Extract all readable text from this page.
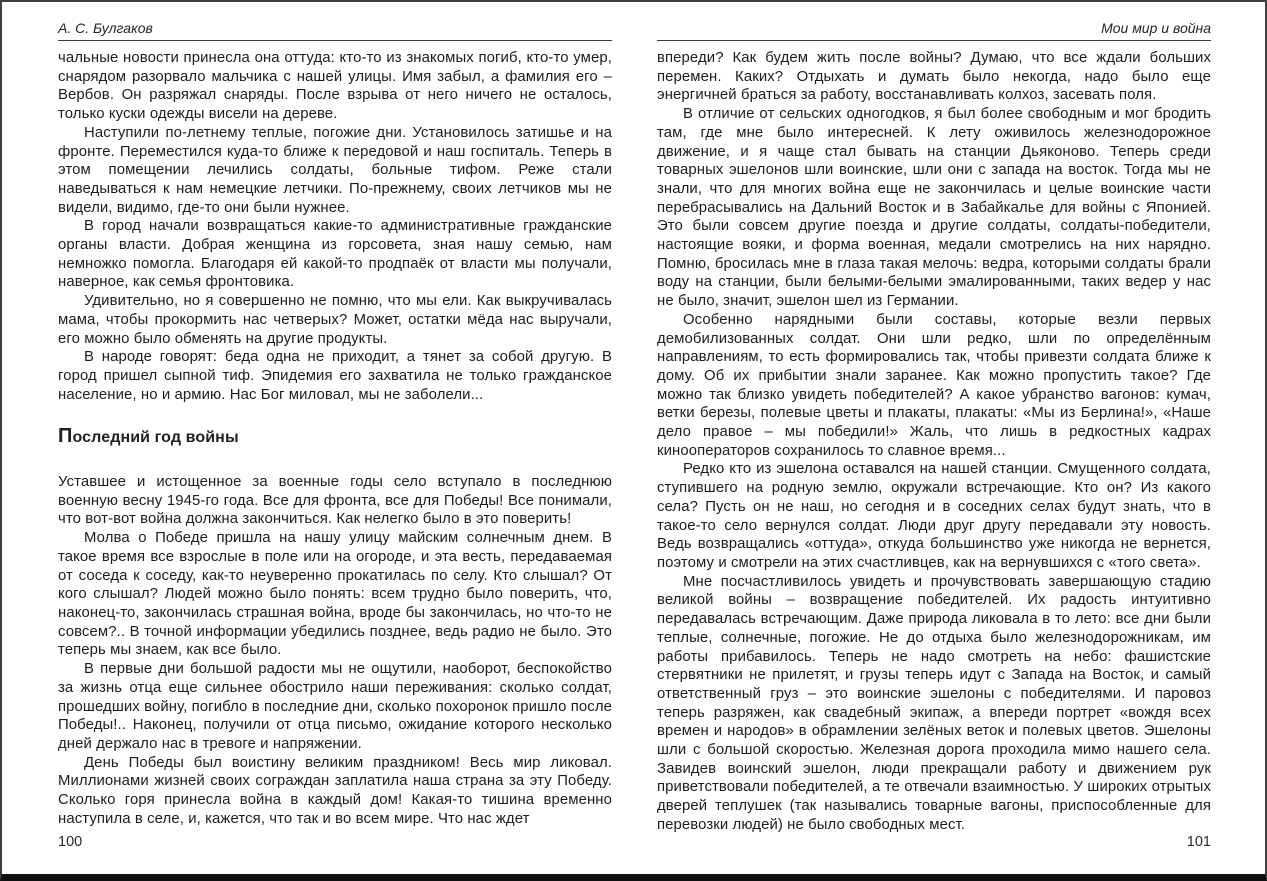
А. С. Булгаков

чальные новости принесла она оттуда: кто-то из знакомых погиб, кто-то умер, снарядом разорвало мальчика с нашей улицы. Имя забыл, а фамилия его – Вербов. Он разряжал снаряды. После взрыва от него ничего не осталось, только куски одежды висели на дереве.

Наступили по-летнему теплые, погожие дни. Установилось затишье и на фронте. Переместился куда-то ближе к передовой и наш госпиталь. Теперь в этом помещении лечились солдаты, больные тифом. Реже стали наведываться к нам немецкие летчики. По-прежнему, своих летчиков мы не видели, видимо, где-то они были нужнее.

В город начали возвращаться какие-то административные гражданские органы власти. Добрая женщина из горсовета, зная нашу семью, нам немножко помогла. Благодаря ей какой-то продпаёк от власти мы получали, наверное, как семья фронтовика.

Удивительно, но я совершенно не помню, что мы ели. Как выкручивалась мама, чтобы прокормить нас четверых? Может, остатки мёда нас выручали, его можно было обменять на другие продукты.

В народе говорят: беда одна не приходит, а тянет за собой другую. В город пришел сыпной тиф. Эпидемия его захватила не только гражданское население, но и армию. Нас Бог миловал, мы не заболели...

Последний год войны

Уставшее и истощенное за военные годы село вступало в последнюю военную весну 1945-го года. Все для фронта, все для Победы! Все понимали, что вот-вот война должна закончиться. Как нелегко было в это поверить!

Молва о Победе пришла на нашу улицу майским солнечным днем. В такое время все взрослые в поле или на огороде, и эта весть, передаваемая от соседа к соседу, как-то неуверенно прокатилась по селу. Кто слышал? От кого слышал? Людей можно было понять: всем трудно было поверить, что, наконец-то, закончилась страшная война, вроде бы закончилась, но что-то не совсем?.. В точной информации убедились позднее, ведь радио не было. Это теперь мы знаем, как все было.

В первые дни большой радости мы не ощутили, наоборот, беспокойство за жизнь отца еще сильнее обострило наши переживания: сколько солдат, прошедших войну, погибло в последние дни, сколько похоронок пришло после Победы!.. Наконец, получили от отца письмо, ожидание которого несколько дней держало нас в тревоге и напряжении.

День Победы был воистину великим праздником! Весь мир ликовал. Миллионами жизней своих сограждан заплатила наша страна за эту Победу. Сколько горя принесла война в каждый дом! Какая-то тишина временно наступила в селе, и, кажется, что так и во всем мире. Что нас ждет

100
Мои мир и война

впереди? Как будем жить после войны? Думаю, что все ждали больших перемен. Каких? Отдыхать и думать было некогда, надо было еще энергичней браться за работу, восстанавливать колхоз, засевать поля.

В отличие от сельских одногодков, я был более свободным и мог бродить там, где мне было интересней. К лету оживилось железнодорожное движение, и я чаще стал бывать на станции Дьяконово. Теперь среди товарных эшелонов шли воинские, шли они с запада на восток. Тогда мы не знали, что для многих война еще не закончилась и целые воинские части перебрасывались на Дальний Восток и в Забайкалье для войны с Японией. Это были совсем другие поезда и другие солдаты, солдаты-победители, настоящие вояки, и форма военная, медали смотрелись на них нарядно. Помню, бросилась мне в глаза такая мелочь: ведра, которыми солдаты брали воду на станции, были белыми-белыми эмалированными, таких ведер у нас не было, значит, эшелон шел из Германии.

Особенно нарядными были составы, которые везли первых демобилизованных солдат. Они шли редко, шли по определённым направлениям, то есть формировались так, чтобы привезти солдата ближе к дому. Об их прибытии знали заранее. Как можно пропустить такое? Где можно так близко увидеть победителей? А какое убранство вагонов: кумач, ветки березы, полевые цветы и плакаты, плакаты: «Мы из Берлина!», «Наше дело правое – мы победили!» Жаль, что лишь в редкостных кадрах кинооператоров сохранилось то славное время...

Редко кто из эшелона оставался на нашей станции. Смущенного солдата, ступившего на родную землю, окружали встречающие. Кто он? Из какого села? Пусть он не наш, но сегодня и в соседних селах будут знать, что в такое-то село вернулся солдат. Люди друг другу передавали эту новость. Ведь возвращались «оттуда», откуда большинство уже никогда не вернется, поэтому и смотрели на этих счастливцев, как на вернувшихся с «того света».

Мне посчастливилось увидеть и прочувствовать завершающую стадию великой войны – возвращение победителей. Их радость интуитивно передавалась встречающим. Даже природа ликовала в то лето: все дни были теплые, солнечные, погожие. Не до отдыха было железнодорожникам, им работы прибавилось. Теперь не надо смотреть на небо: фашистские стервятники не прилетят, и грузы теперь идут с Запада на Восток, и самый ответственный груз – это воинские эшелоны с победителями. И паровоз теперь разряжен, как свадебный экипаж, а впереди портрет «вождя всех времен и народов» в обрамлении зелёных веток и полевых цветов. Эшелоны шли с большой скоростью. Железная дорога проходила мимо нашего села. Завидев воинский эшелон, люди прекращали работу и движением рук приветствовали победителей, а те отвечали взаимностью. У широких отрытых дверей теплушек (так назывались товарные вагоны, приспособленные для перевозки людей) не было свободных мест.

101
